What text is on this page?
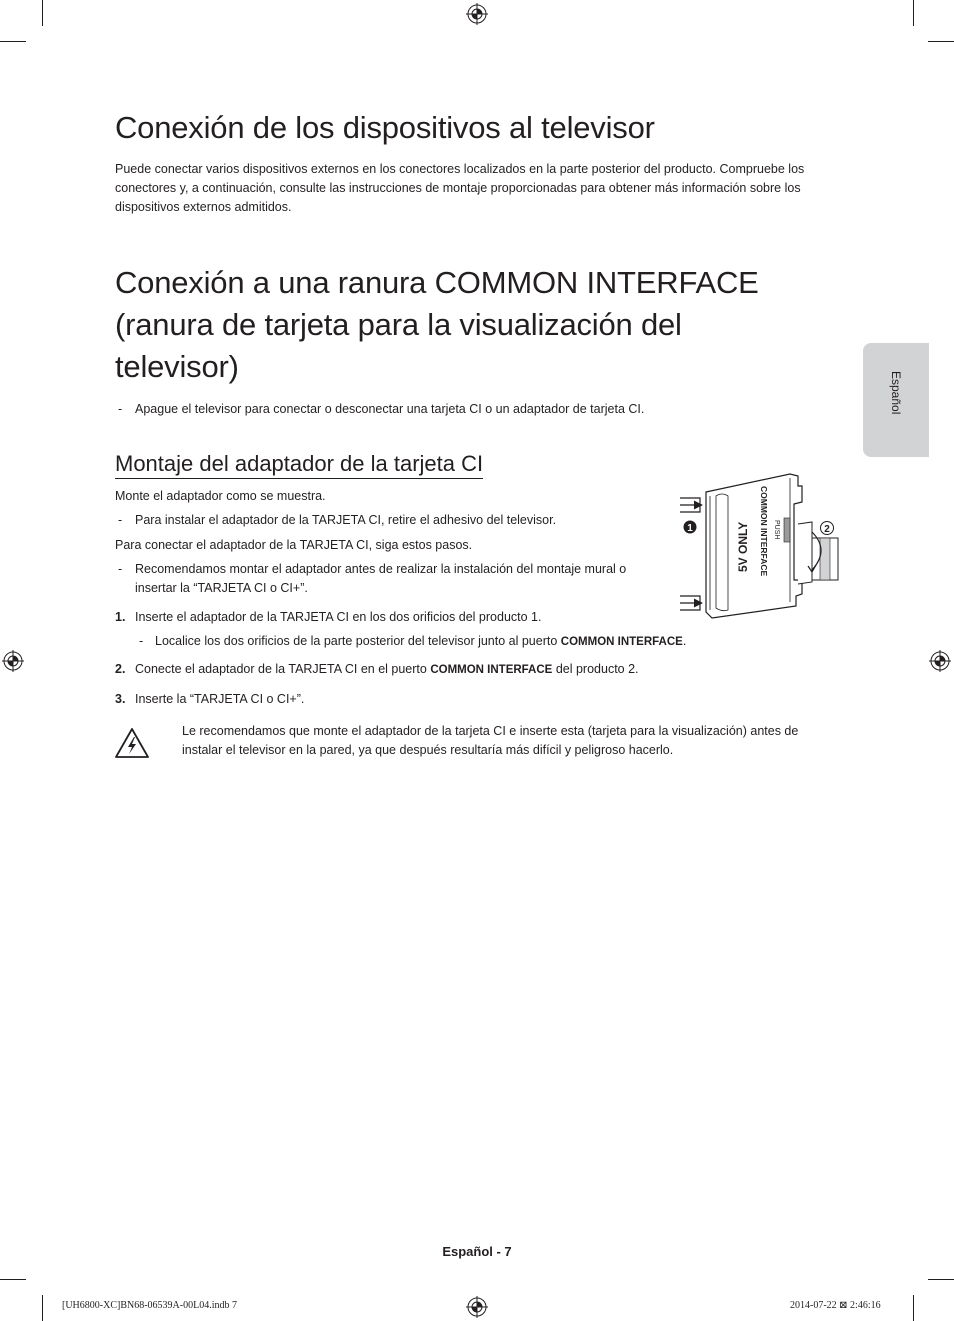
Español
Conexión de los dispositivos al televisor

Puede conectar varios dispositivos externos en los conectores localizados en la parte posterior del producto. Compruebe los

conectores y, a continuación, consulte las instrucciones de montaje proporcionadas para obtener más información sobre los

dispositivos externos admitidos.

Conexión a una ranura COMMON INTERFACE

(ranura de tarjeta para la visualización del

televisor)

- Apague el televisor para conectar o desconectar una tarjeta CI o un adaptador de tarjeta CI.

Montaje del adaptador de la tarjeta CI

Monte el adaptador como se muestra.

- Para instalar el adaptador de la TARJETA CI, retire el adhesivo del televisor.

Para conectar el adaptador de la TARJETA CI, siga estos pasos.

- Recomendamos montar el adaptador antes de realizar la instalación del montaje mural o

insertar la “TARJETA CI o CI+”.

1. Inserte el adaptador de la TARJETA CI en los dos orificios del producto 1.

- Localice los dos orificios de la parte posterior del televisor junto al puerto COMMON INTERFACE.

2. Conecte el adaptador de la TARJETA CI en el puerto COMMON INTERFACE del producto 2.

3. Inserte la “TARJETA CI o CI+”.

Le recomendamos que monte el adaptador de la tarjeta CI e inserte esta (tarjeta para la visualización) antes de

instalar el televisor en la pared, ya que después resultaría más difícil y peligroso hacerlo.

1	2
COMMON INTERFACE PUSH
5V ONLY

Español - 7

[UH6800-XC]BN68-06539A-00L04.indb 7	2014-07-22 ⊠ 2:46:16
